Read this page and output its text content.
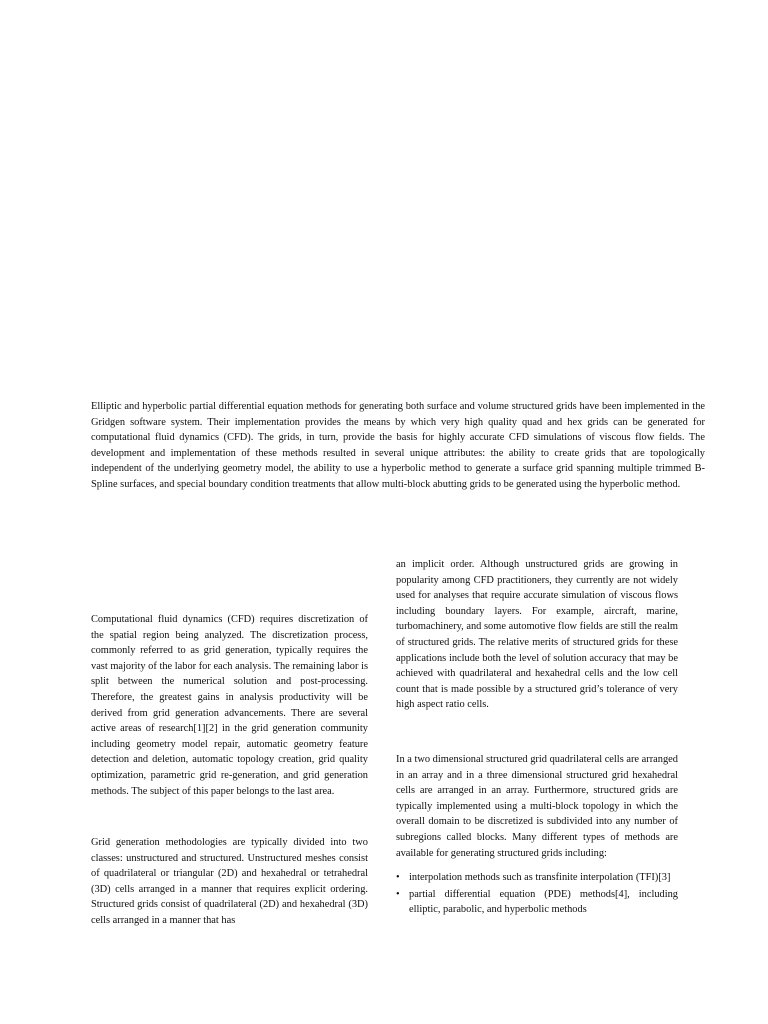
Elliptic and hyperbolic partial differential equation methods for generating both surface and volume structured grids have been implemented in the Gridgen software system. Their implementation provides the means by which very high quality quad and hex grids can be generated for computational fluid dynamics (CFD). The grids, in turn, provide the basis for highly accurate CFD simulations of viscous flow fields. The development and implementation of these methods resulted in several unique attributes: the ability to create grids that are topologically independent of the underlying geometry model, the ability to use a hyperbolic method to generate a surface grid spanning multiple trimmed B-Spline surfaces, and special boundary condition treatments that allow multi-block abutting grids to be generated using the hyperbolic method.

Computational fluid dynamics (CFD) requires discretization of the spatial region being analyzed. The discretization process, commonly referred to as grid generation, typically requires the vast majority of the labor for each analysis. The remaining labor is split between the numerical solution and post-processing. Therefore, the greatest gains in analysis productivity will be derived from grid generation advancements. There are several active areas of research[1][2] in the grid generation community including geometry model repair, automatic geometry feature detection and deletion, automatic topology creation, grid quality optimization, parametric grid re-generation, and grid generation methods. The subject of this paper belongs to the last area.

Grid generation methodologies are typically divided into two classes: unstructured and structured. Unstructured meshes consist of quadrilateral or triangular (2D) and hexahedral or tetrahedral (3D) cells arranged in a manner that requires explicit ordering. Structured grids consist of quadrilateral (2D) and hexahedral (3D) cells arranged in a manner that has

an implicit order. Although unstructured grids are growing in popularity among CFD practitioners, they currently are not widely used for analyses that require accurate simulation of viscous flows including boundary layers. For example, aircraft, marine, turbomachinery, and some automotive flow fields are still the realm of structured grids. The relative merits of structured grids for these applications include both the level of solution accuracy that may be achieved with quadrilateral and hexahedral cells and the low cell count that is made possible by a structured grid’s tolerance of very high aspect ratio cells.

In a two dimensional structured grid quadrilateral cells are arranged in an array and in a three dimensional structured grid hexahedral cells are arranged in an array. Furthermore, structured grids are typically implemented using a multi-block topology in which the overall domain to be discretized is subdivided into any number of subregions called blocks. Many different types of methods are available for generating structured grids including:

• interpolation methods such as transfinite interpolation (TFI)[3]
• partial differential equation (PDE) methods[4], including elliptic, parabolic, and hyperbolic methods
